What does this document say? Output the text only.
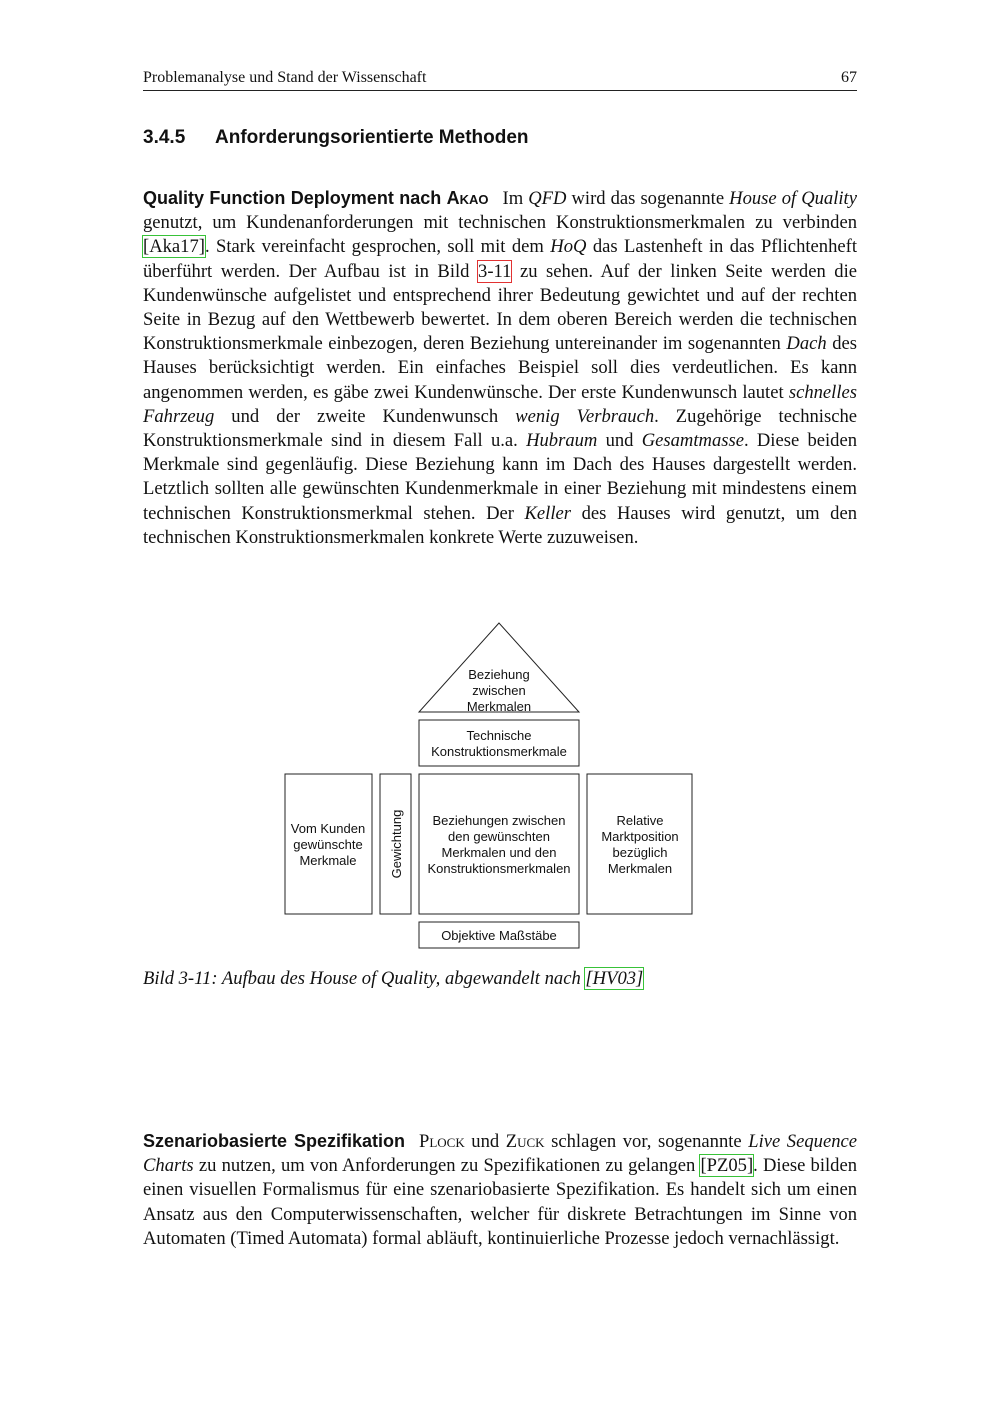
Problemanalyse und Stand der Wissenschaft	67
3.4.5 Anforderungsorientierte Methoden

Quality Function Deployment nach Akao Im QFD wird das sogenannte House of Quality genutzt, um Kundenanforderungen mit technischen Konstruktionsmerkmalen zu verbinden [Aka17]. Stark vereinfacht gesprochen, soll mit dem HoQ das Lastenheft in das Pflichtenheft überführt werden. Der Aufbau ist in Bild 3-11 zu sehen. Auf der linken Seite werden die Kundenwünsche aufgelistet und entsprechend ihrer Bedeutung gewichtet und auf der rechten Seite in Bezug auf den Wettbewerb bewertet. In dem oberen Bereich werden die technischen Konstruktionsmerkmale einbezogen, deren Beziehung untereinander im sogenannten Dach des Hauses berücksichtigt werden. Ein einfaches Beispiel soll dies verdeutlichen. Es kann angenommen werden, es gäbe zwei Kundenwünsche. Der erste Kundenwunsch lautet schnelles Fahrzeug und der zweite Kundenwunsch wenig Verbrauch. Zugehörige technische Konstruktionsmerkmale sind in diesem Fall u.a. Hubraum und Gesamtmasse. Diese beiden Merkmale sind gegenläufig. Diese Beziehung kann im Dach des Hauses dargestellt werden. Letztlich sollten alle gewünschten Kundenmerkmale in einer Beziehung mit mindestens einem technischen Konstruktionsmerkmal stehen. Der Keller des Hauses wird genutzt, um den technischen Konstruktionsmerkmalen konkrete Werte zuzuweisen.

Bild 3-11: Aufbau des House of Quality, abgewandelt nach [HV03]

Szenariobasierte Spezifikation Plock und Zuck schlagen vor, sogenannte Live Sequence Charts zu nutzen, um von Anforderungen zu Spezifikationen zu gelangen [PZ05]. Diese bilden einen visuellen Formalismus für eine szenariobasierte Spezifikation. Es handelt sich um einen Ansatz aus den Computerwissenschaften, welcher für diskrete Betrachtungen im Sinne von Automaten (Timed Automata) formal abläuft, kontinuierliche Prozesse jedoch vernachlässigt.

Beziehung
zwischen
Merkmalen
Technische
Konstruktionsmerkmale
Vom Kunden
gewünschte
Merkmale Gewichtung Beziehungen zwischen
den gewünschten
Merkmalen und den
Konstruktionsmerkmalen
Relative
Marktposition
bezüglich
Merkmalen
Objektive Maßstäbe
